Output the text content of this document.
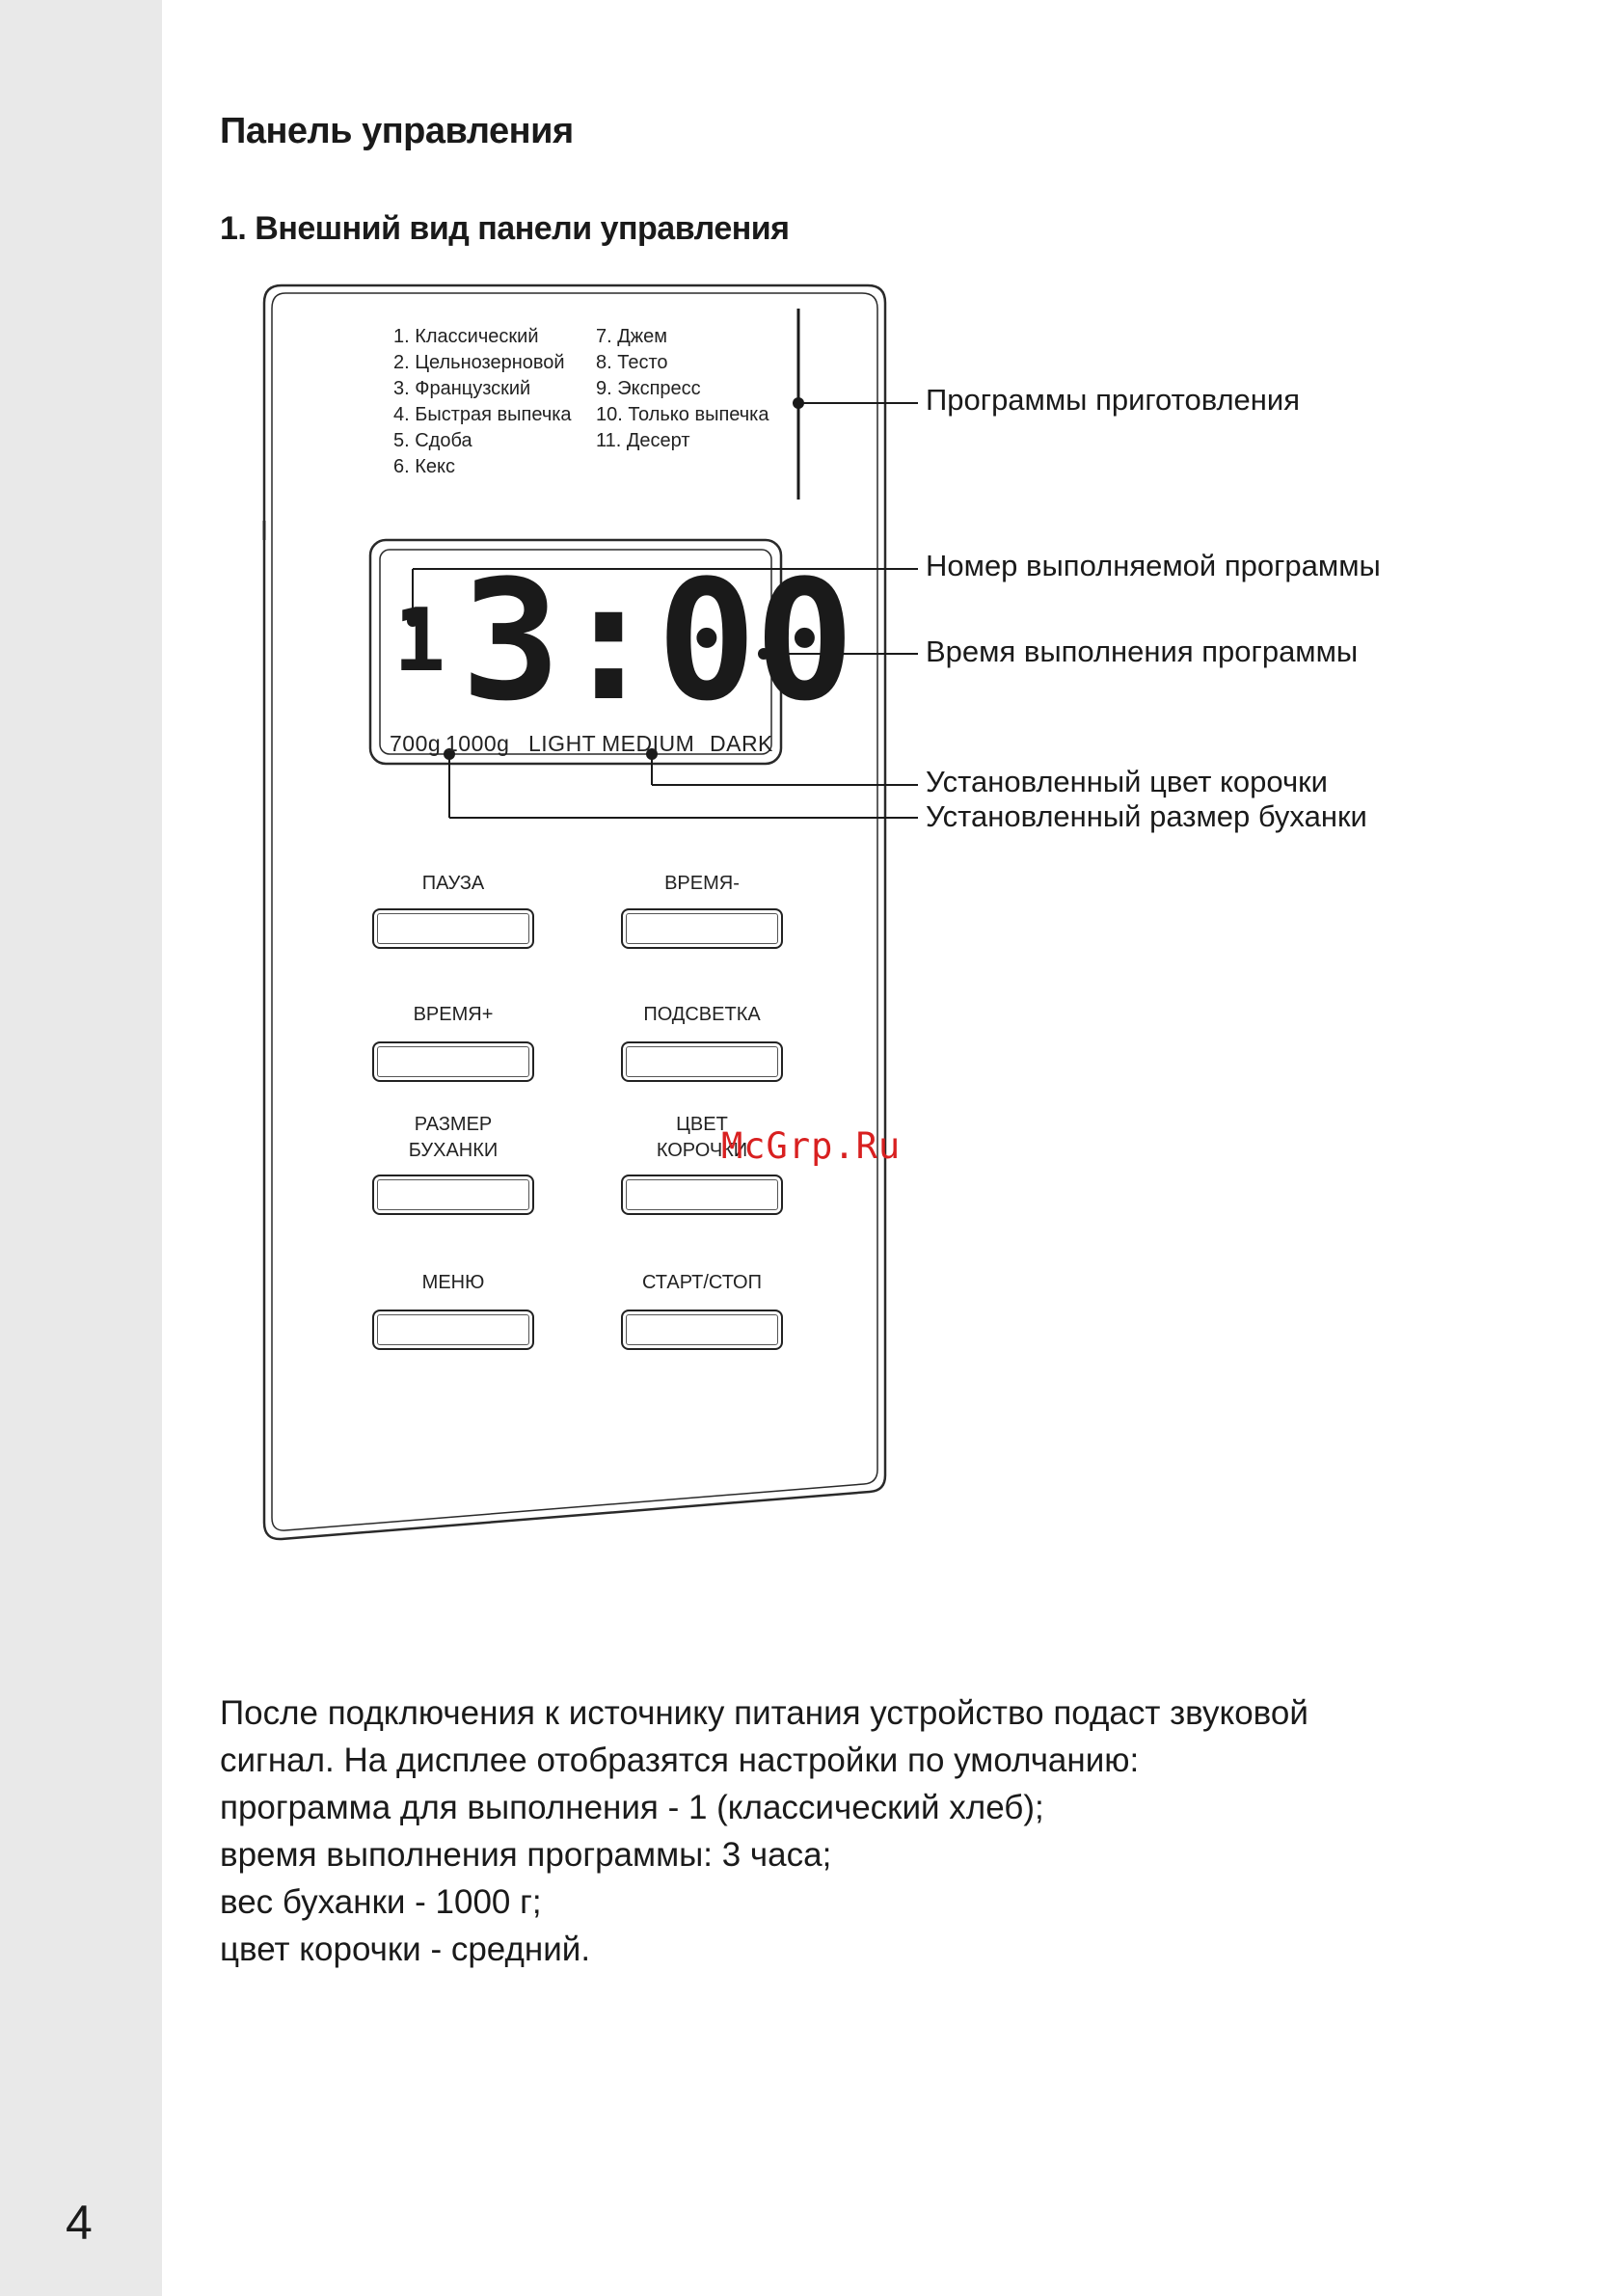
4
Панель управления
1. Внешний вид панели управления
1. Классический
2. Цельнозерновой
3. Французский
4. Быстрая выпечка
5. Сдоба
6. Кекс
7. Джем
8. Тесто
9. Экспресс
10. Только выпечка
11. Десерт
1 3:00
700g 1000g LIGHT MEDIUM DARK
Программы приготовления
Номер выполняемой программы
Время выполнения программы
Установленный цвет корочки
Установленный размер буханки
ПАУЗА	ВРЕМЯ-
ВРЕМЯ+	ПОДСВЕТКА
РАЗМЕР
БУХАНКИ
ЦВЕТ
КОРОЧКИ
МЕНЮ	СТАРТ/СТОП
McGrp.Ru
После подключения к источнику питания устройство подаст звуковой
сигнал. На дисплее отобразятся настройки по умолчанию:
программа для выполнения - 1 (классический хлеб);
время выполнения программы: 3 часа;
вес буханки - 1000 г;
цвет корочки - средний.
